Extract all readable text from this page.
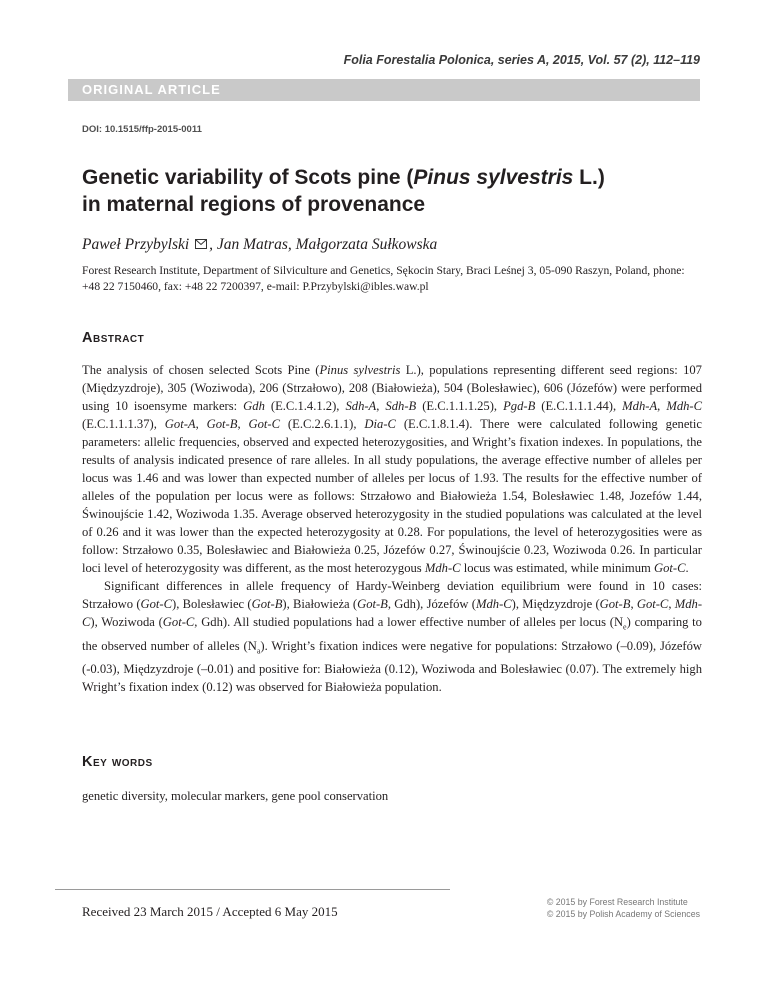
Folia Forestalia Polonica, series A, 2015, Vol. 57 (2), 112–119
ORIGINAL ARTICLE
DOI: 10.1515/ffp-2015-0011
Genetic variability of Scots pine (Pinus sylvestris L.)
in maternal regions of provenance
Paweł Przybylski , Jan Matras, Małgorzata Sułkowska
Forest Research Institute, Department of Silviculture and Genetics, Sękocin Stary, Braci Leśnej 3, 05-090 Raszyn, Poland, phone: +48 22 7150460, fax: +48 22 7200397, e-mail: P.Przybylski@ibles.waw.pl
Abstract

The analysis of chosen selected Scots Pine (Pinus sylvestris L.), populations representing different seed regions: 107 (Międzyzdroje), 305 (Woziwoda), 206 (Strzałowo), 208 (Białowieża), 504 (Bolesławiec), 606 (Józefów) were performed using 10 isoensyme markers: Gdh (E.C.1.4.1.2), Sdh-A, Sdh-B (E.C.1.1.1.25), Pgd-B (E.C.1.1.1.44), Mdh-A, Mdh-C (E.C.1.1.1.37), Got-A, Got-B, Got-C (E.C.2.6.1.1), Dia-C (E.C.1.8.1.4). There were calculated following genetic parameters: allelic frequencies, observed and expected heterozygosities, and Wright’s fixation indexes. In populations, the results of analysis indicated presence of rare alleles. In all study populations, the average effective number of alleles per locus was 1.46 and was lower than expected number of alleles per locus of 1.93. The results for the effective number of alleles of the population per locus were as follows: Strzałowo and Białowieża 1.54, Bolesławiec 1.48, Jozefów 1.44, Świnoujście 1.42, Woziwoda 1.35. Average observed heterozygosity in the studied populations was calculated at the level of 0.26 and it was lower than the expected heterozygosity at 0.28. For populations, the level of heterozygosities were as follow: Strzałowo 0.35, Bolesławiec and Białowieża 0.25, Józefów 0.27, Świnoujście 0.23, Woziwoda 0.26. In particular loci level of heterozygosity was different, as the most heterozygous Mdh-C locus was estimated, while minimum Got-C.

Significant differences in allele frequency of Hardy-Weinberg deviation equilibrium were found in 10 cases: Strzałowo (Got-C), Bolesławiec (Got-B), Białowieża (Got-B, Gdh), Józefów (Mdh-C), Międzyzdroje (Got-B, Got-C, Mdh-C), Woziwoda (Got-C, Gdh). All studied populations had a lower effective number of alleles per locus $(N_e)$ comparing to the observed number of alleles $(N_a)$. Wright’s fixation indices were negative for populations: Strzałowo (–0.09), Józefów (-0.03), Międzyzdroje (–0.01) and positive for: Białowieża (0.12), Woziwoda and Bolesławiec (0.07). The extremely high Wright’s fixation index (0.12) was observed for Białowieża population.

Key words
genetic diversity, molecular markers, gene pool conservation
Received 23 March 2015 / Accepted 6 May 2015
© 2015 by Forest Research Institute
© 2015 by Polish Academy of Sciences
